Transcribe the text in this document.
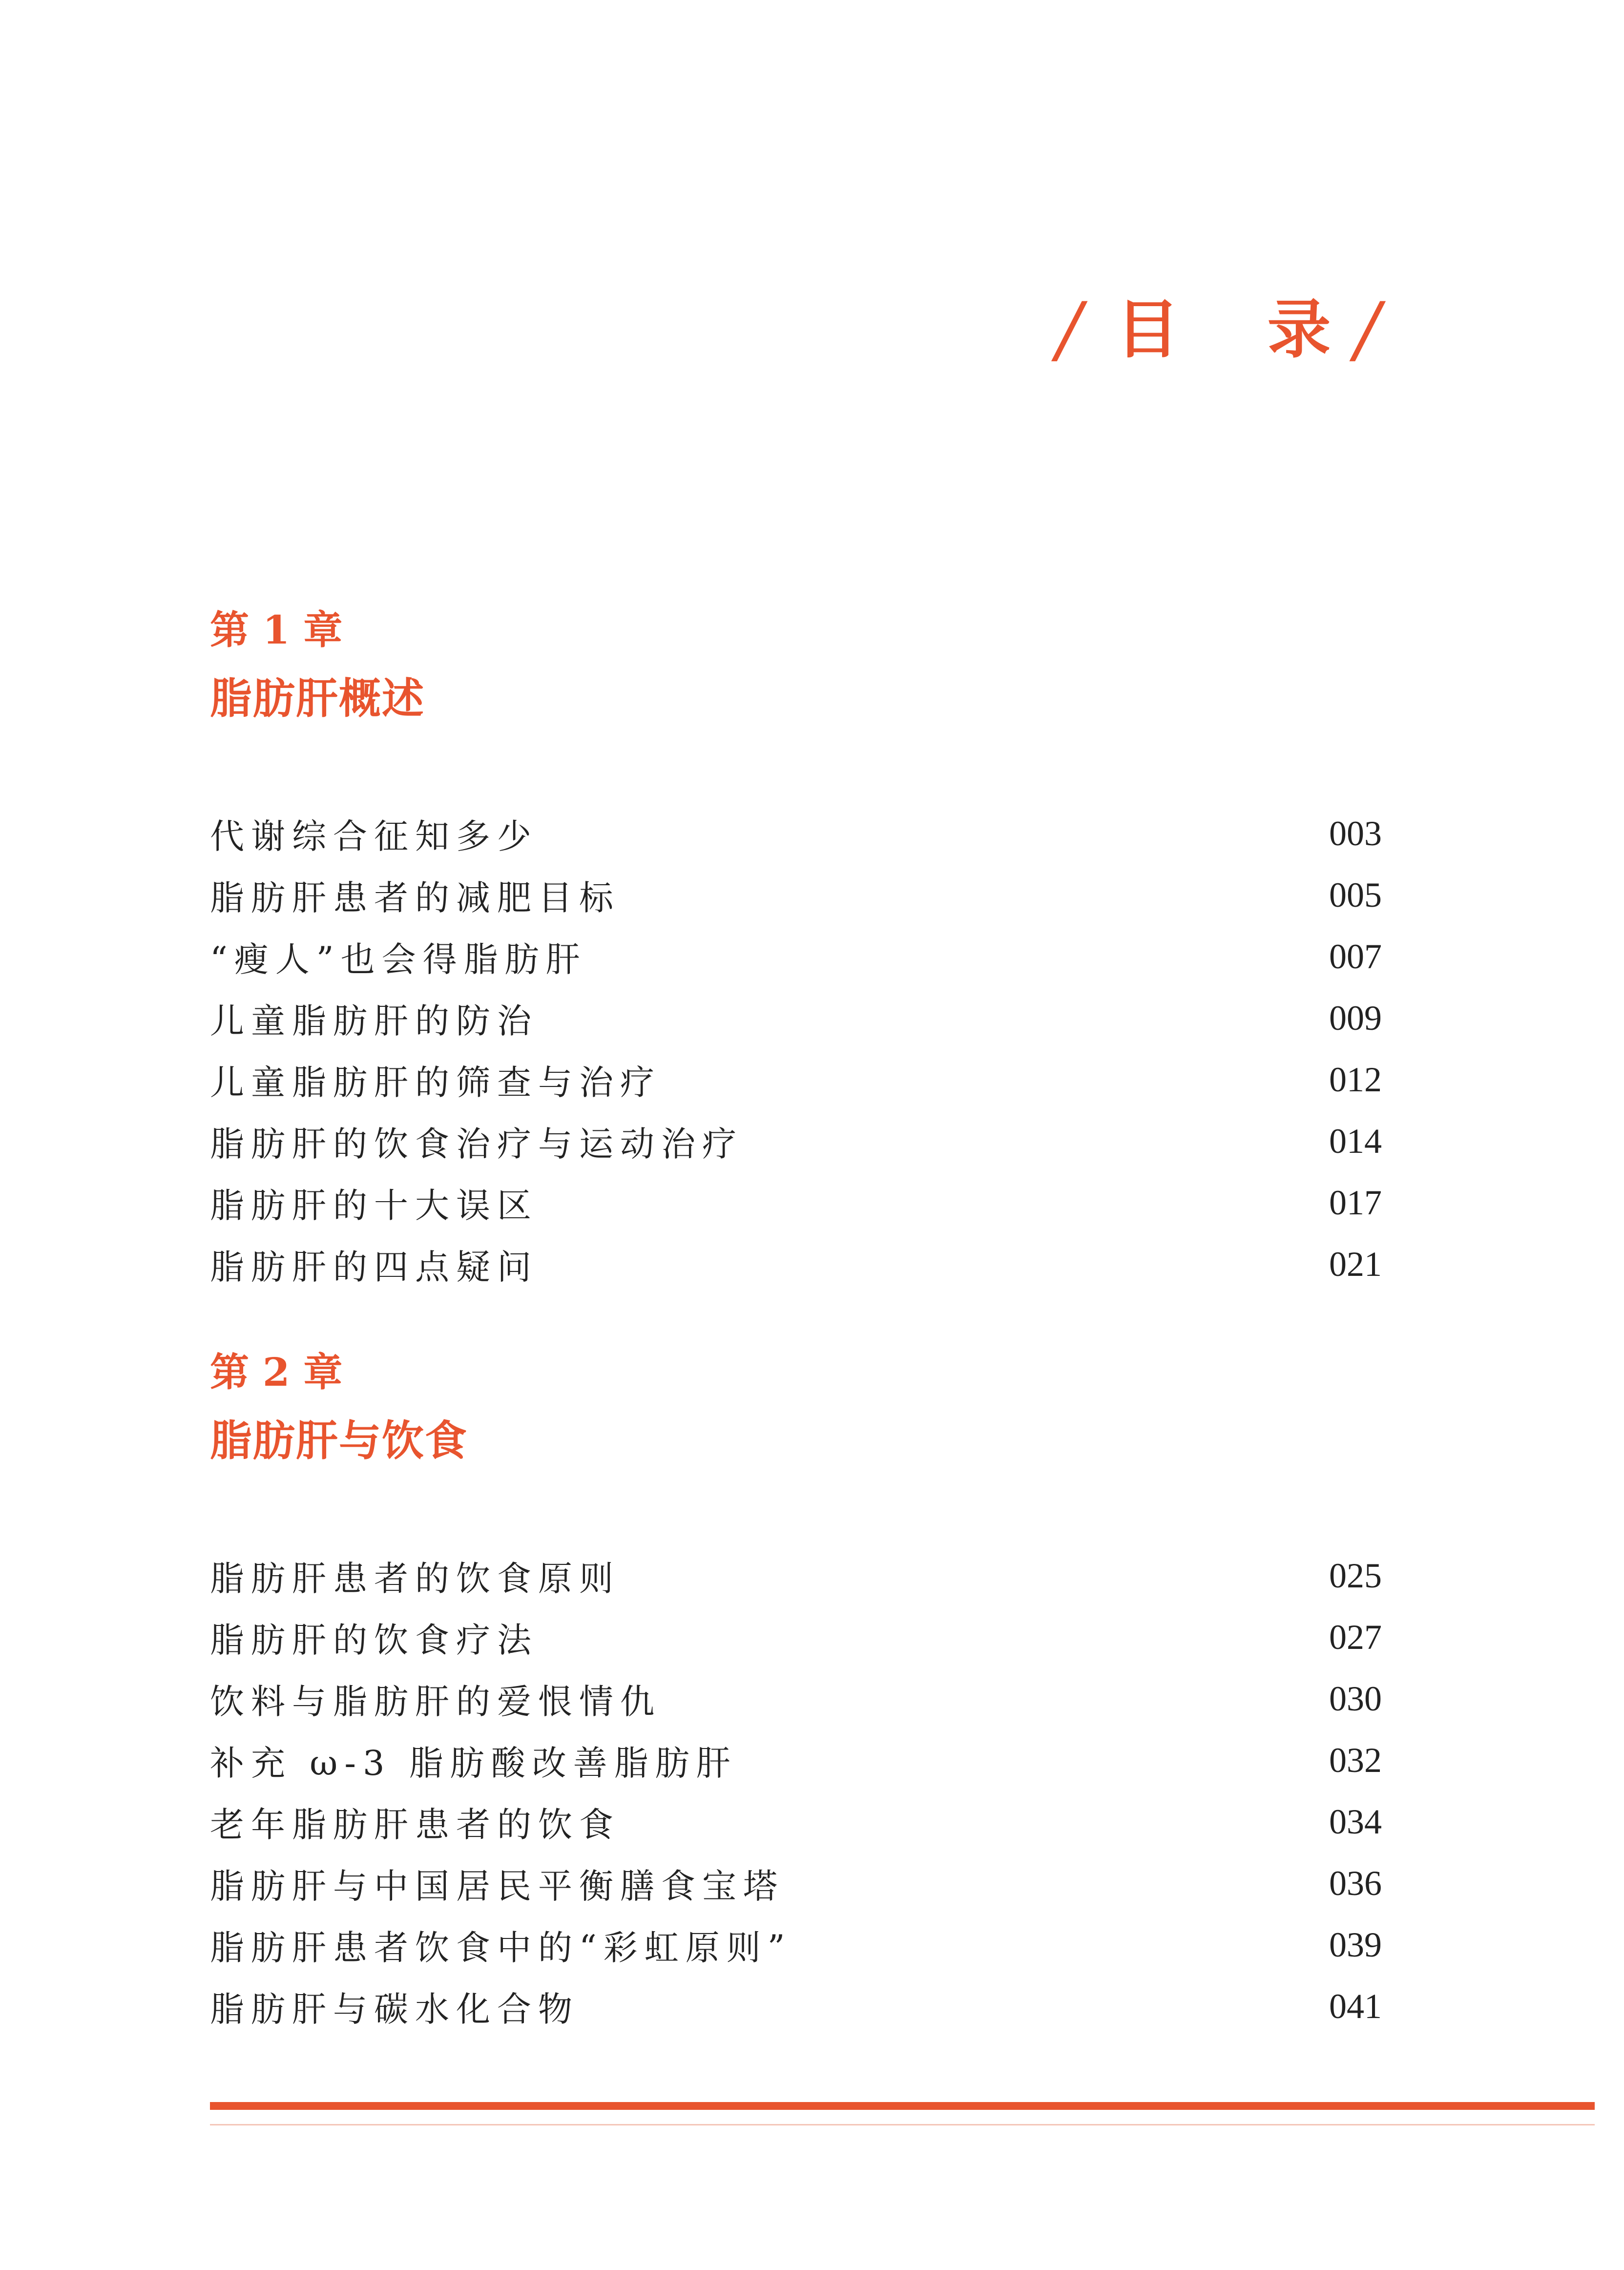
/ 目 录 /
第 1 章
脂肪肝概述
代谢综合征知多少	003
脂肪肝患者的减肥目标	005
“瘦人”也会得脂肪肝	007
儿童脂肪肝的防治	009
儿童脂肪肝的筛查与治疗	012
脂肪肝的饮食治疗与运动治疗	014
脂肪肝的十大误区	017
脂肪肝的四点疑问	021
第 2 章
脂肪肝与饮食
脂肪肝患者的饮食原则	025
脂肪肝的饮食疗法	027
饮料与脂肪肝的爱恨情仇	030
补充 ω-3 脂肪酸改善脂肪肝	032
老年脂肪肝患者的饮食	034
脂肪肝与中国居民平衡膳食宝塔	036
脂肪肝患者饮食中的“彩虹原则”	039
脂肪肝与碳水化合物	041
